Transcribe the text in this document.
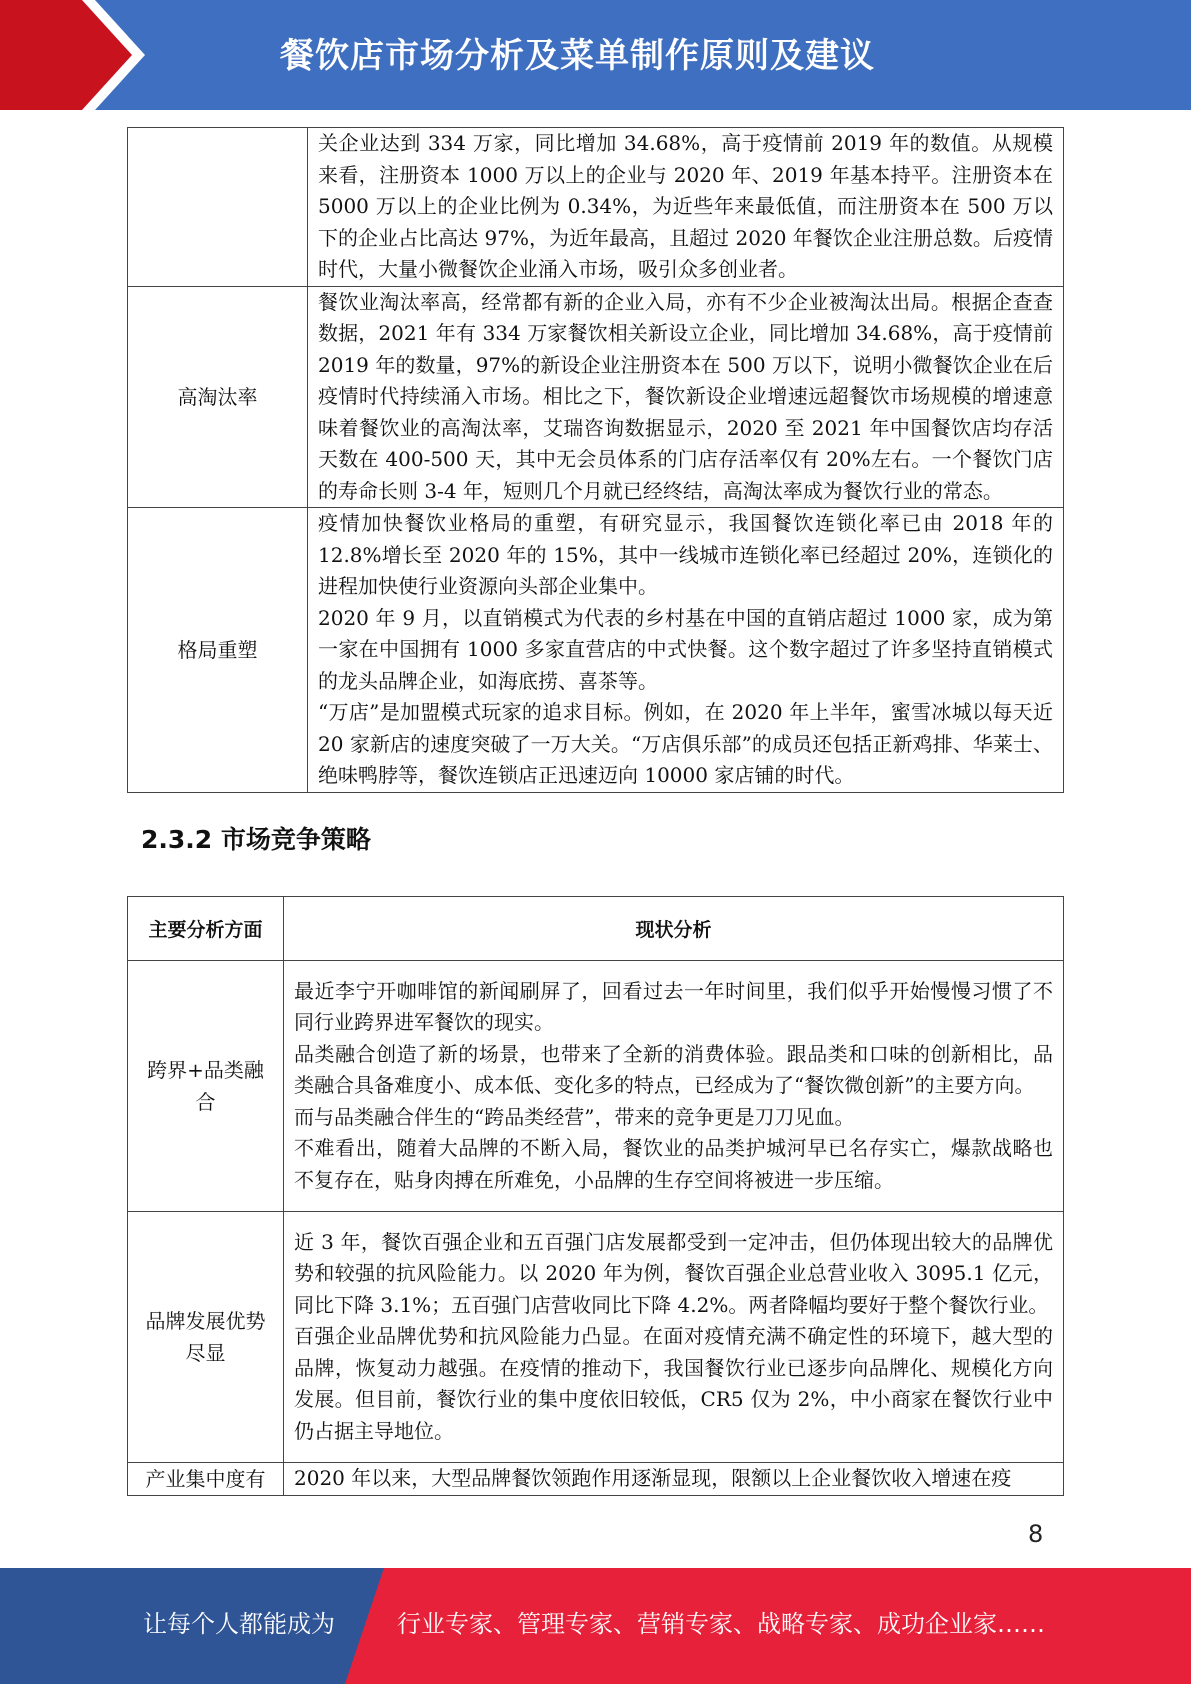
餐饮店市场分析及菜单制作原则及建议

	关企业达到 334 万家，同比增加 34.68%，高于疫情前 2019 年的数值。从规模来看，注册资本 1000 万以上的企业与 2020 年、2019 年基本持平。注册资本在 5000 万以上的企业比例为 0.34%，为近些年来最低值，而注册资本在 500 万以下的企业占比高达 97%，为近年最高，且超过 2020 年餐饮企业注册总数。后疫情时代，大量小微餐饮企业涌入市场，吸引众多创业者。

高淘汰率	餐饮业淘汰率高，经常都有新的企业入局，亦有不少企业被淘汰出局。根据企查查数据，2021 年有 334 万家餐饮相关新设立企业，同比增加 34.68%，高于疫情前 2019 年的数量，97%的新设企业注册资本在 500 万以下，说明小微餐饮企业在后疫情时代持续涌入市场。相比之下，餐饮新设企业增速远超餐饮市场规模的增速意味着餐饮业的高淘汰率，艾瑞咨询数据显示，2020 至 2021 年中国餐饮店均存活天数在 400-500 天，其中无会员体系的门店存活率仅有 20%左右。一个餐饮门店的寿命长则 3-4 年，短则几个月就已经终结，高淘汰率成为餐饮行业的常态。

格局重塑	疫情加快餐饮业格局的重塑，有研究显示，我国餐饮连锁化率已由 2018 年的 12.8%增长至 2020 年的 15%，其中一线城市连锁化率已经超过 20%，连锁化的进程加快使行业资源向头部企业集中。

2020 年 9 月，以直销模式为代表的乡村基在中国的直销店超过 1000 家，成为第一家在中国拥有 1000 多家直营店的中式快餐。这个数字超过了许多坚持直销模式的龙头品牌企业，如海底捞、喜茶等。

“万店”是加盟模式玩家的追求目标。例如，在 2020 年上半年，蜜雪冰城以每天近 20 家新店的速度突破了一万大关。“万店俱乐部”的成员还包括正新鸡排、华莱士、绝味鸭脖等，餐饮连锁店正迅速迈向 10000 家店铺的时代。

2.3.2 市场竞争策略
主要分析方面	现状分析
跨界+品类融合	最近李宁开咖啡馆的新闻刷屏了，回看过去一年时间里，我们似乎开始慢慢习惯了不同行业跨界进军餐饮的现实。

品类融合创造了新的场景，也带来了全新的消费体验。跟品类和口味的创新相比，品类融合具备难度小、成本低、变化多的特点，已经成为了“餐饮微创新”的主要方向。

而与品类融合伴生的“跨品类经营”，带来的竞争更是刀刀见血。

不难看出，随着大品牌的不断入局，餐饮业的品类护城河早已名存实亡，爆款战略也不复存在，贴身肉搏在所难免，小品牌的生存空间将被进一步压缩。

品牌发展优势尽显	近 3 年，餐饮百强企业和五百强门店发展都受到一定冲击，但仍体现出较大的品牌优势和较强的抗风险能力。以 2020 年为例，餐饮百强企业总营业收入 3095.1 亿元，同比下降 3.1%；五百强门店营收同比下降 4.2%。两者降幅均要好于整个餐饮行业。

百强企业品牌优势和抗风险能力凸显。在面对疫情充满不确定性的环境下，越大型的品牌，恢复动力越强。在疫情的推动下，我国餐饮行业已逐步向品牌化、规模化方向发展。但目前，餐饮行业的集中度依旧较低，CR5 仅为 2%，中小商家在餐饮行业中仍占据主导地位。

产业集中度有	2020 年以来，大型品牌餐饮领跑作用逐渐显现，限额以上企业餐饮收入增速在疫

8
让每个人都能成为	行业专家、管理专家、营销专家、战略专家、成功企业家……
